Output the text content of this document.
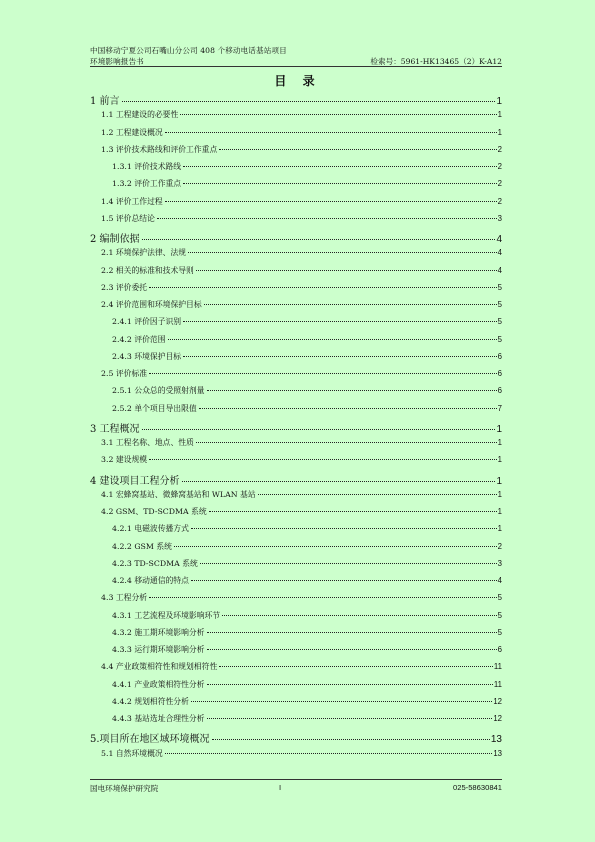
中国移动宁夏公司石嘴山分公司 408 个移动电话基站项目
环境影响报告书	检索号：5961-HK13465（2）K-A12
目 录
1 前言	1
1.1 工程建设的必要性	1
1.2 工程建设概况	1
1.3 评价技术路线和评价工作重点	2
1.3.1 评价技术路线	2
1.3.2 评价工作重点	2
1.4 评价工作过程	2
1.5 评价总结论	3
2 编制依据	4
2.1 环境保护法律、法规	4
2.2 相关的标准和技术导则	4
2.3 评价委托	5
2.4 评价范围和环境保护目标	5
2.4.1 评价因子识别	5
2.4.2 评价范围	5
2.4.3 环境保护目标	6
2.5 评价标准	6
2.5.1 公众总的受照射剂量	6
2.5.2 单个项目导出限值	7
3 工程概况	1
3.1 工程名称、地点、性质	1
3.2 建设规模	1
4 建设项目工程分析	1
4.1 宏蜂窝基站、微蜂窝基站和 WLAN 基站	1
4.2 GSM、TD-SCDMA 系统	1
4.2.1 电磁波传播方式	1
4.2.2 GSM 系统	2
4.2.3 TD-SCDMA 系统	3
4.2.4 移动通信的特点	4
4.3 工程分析	5
4.3.1 工艺流程及环境影响环节	5
4.3.2 施工期环境影响分析	5
4.3.3 运行期环境影响分析	6
4.4 产业政策相符性和规划相符性	11
4.4.1 产业政策相符性分析	11
4.4.2 规划相符性分析	12
4.4.3 基站选址合理性分析	12
5.项目所在地区域环境概况	13
5.1 自然环境概况	13
国电环境保护研究院	I	025-58630841
